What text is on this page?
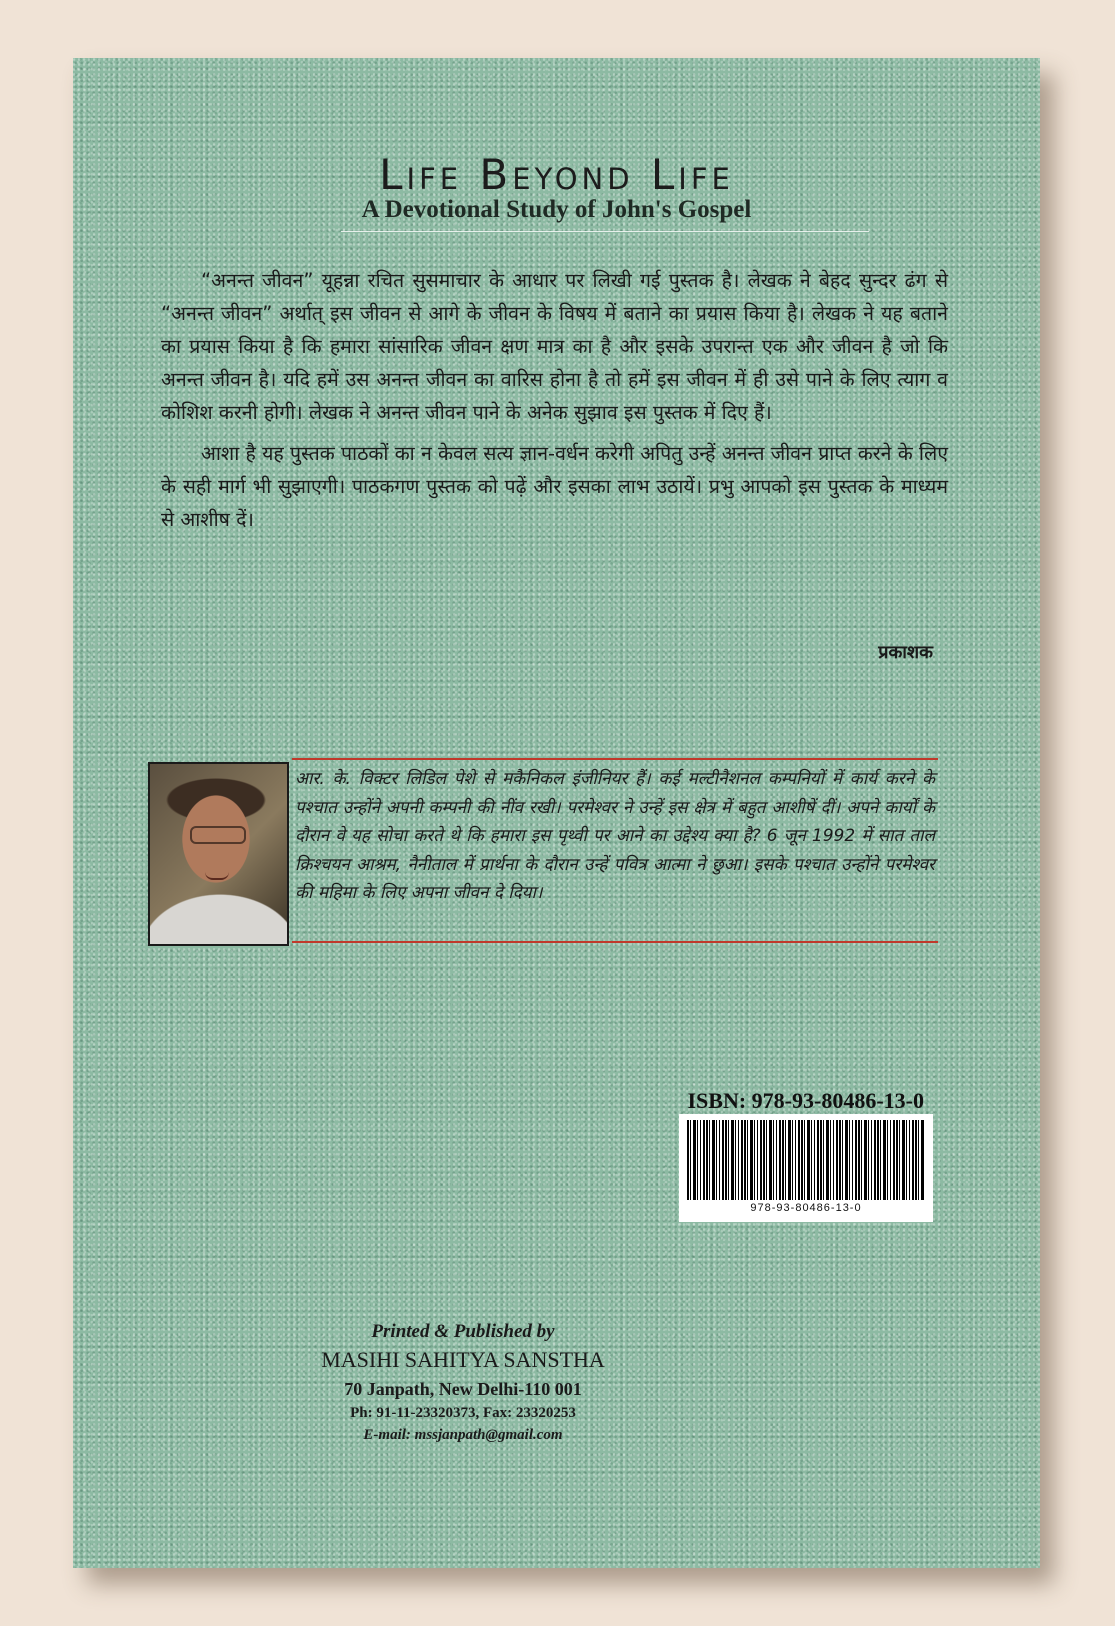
Life Beyond Life
A Devotional Study of John's Gospel

“अनन्त जीवन” यूहन्ना रचित सुसमाचार के आधार पर लिखी गई पुस्तक है। लेखक ने बेहद सुन्दर ढंग से “अनन्त जीवन” अर्थात् इस जीवन से आगे के जीवन के विषय में बताने का प्रयास किया है। लेखक ने यह बताने का प्रयास किया है कि हमारा सांसारिक जीवन क्षण मात्र का है और इसके उपरान्त एक और जीवन है जो कि अनन्त जीवन है। यदि हमें उस अनन्त जीवन का वारिस होना है तो हमें इस जीवन में ही उसे पाने के लिए त्याग व कोशिश करनी होगी। लेखक ने अनन्त जीवन पाने के अनेक सुझाव इस पुस्तक में दिए हैं।

आशा है यह पुस्तक पाठकों का न केवल सत्य ज्ञान-वर्धन करेगी अपितु उन्हें अनन्त जीवन प्राप्त करने के लिए के सही मार्ग भी सुझाएगी। पाठकगण पुस्तक को पढ़ें और इसका लाभ उठायें। प्रभु आपको इस पुस्तक के माध्यम से आशीष दें।

प्रकाशक

आर. के. विक्टर लिडिल पेशे से मकैनिकल इंजीनियर हैं। कई मल्टीनैशनल कम्पनियों में कार्य करने के पश्चात उन्होंने अपनी कम्पनी की नींव रखी। परमेश्वर ने उन्हें इस क्षेत्र में बहुत आशीषें दीं। अपने कार्यों के दौरान वे यह सोचा करते थे कि हमारा इस पृथ्वी पर आने का उद्देश्य क्या है? 6 जून 1992 में सात ताल क्रिश्चयन आश्रम, नैनीताल में प्रार्थना के दौरान उन्हें पवित्र आत्मा ने छुआ। इसके पश्चात उन्होंने परमेश्वर की महिमा के लिए अपना जीवन दे दिया।

ISBN: 978-93-80486-13-0
978-93-80486-13-0
Printed & Published by
MASIHI SAHITYA SANSTHA
70 Janpath, New Delhi-110 001
Ph: 91-11-23320373, Fax: 23320253
E-mail: mssjanpath@gmail.com
